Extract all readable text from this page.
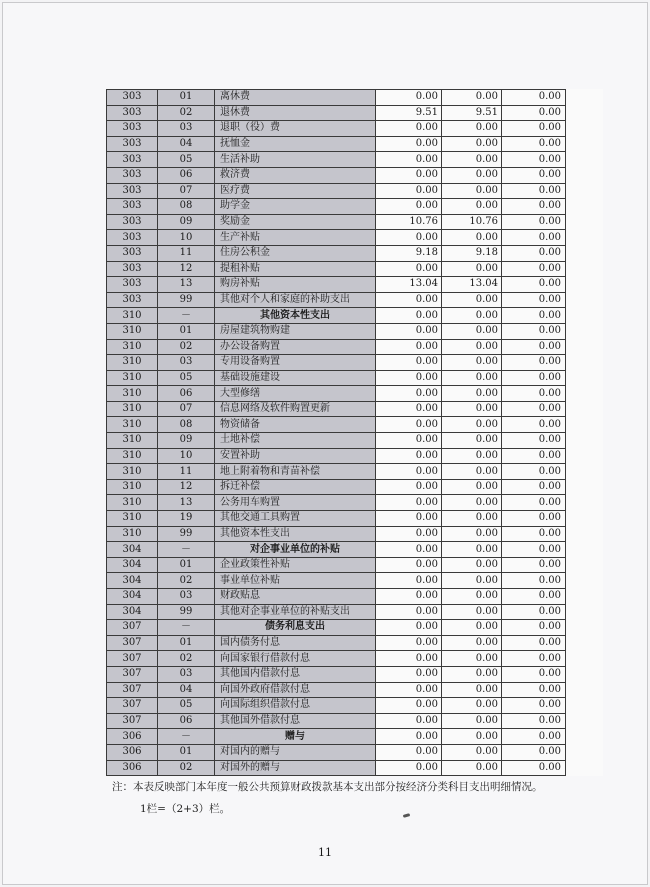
303	01	离休费	0.00	0.00	0.00	
303	02	退休费	9.51	9.51	0.00	
303	03	退职（役）费	0.00	0.00	0.00	
303	04	抚恤金	0.00	0.00	0.00	
303	05	生活补助	0.00	0.00	0.00	
303	06	救济费	0.00	0.00	0.00	
303	07	医疗费	0.00	0.00	0.00	
303	08	助学金	0.00	0.00	0.00	
303	09	奖励金	10.76	10.76	0.00	
303	10	生产补贴	0.00	0.00	0.00	
303	11	住房公积金	9.18	9.18	0.00	
303	12	提租补贴	0.00	0.00	0.00	
303	13	购房补贴	13.04	13.04	0.00	
303	99	其他对个人和家庭的补助支出	0.00	0.00	0.00	
310	－	其他资本性支出	0.00	0.00	0.00	
310	01	房屋建筑物购建	0.00	0.00	0.00	
310	02	办公设备购置	0.00	0.00	0.00	
310	03	专用设备购置	0.00	0.00	0.00	
310	05	基础设施建设	0.00	0.00	0.00	
310	06	大型修缮	0.00	0.00	0.00	
310	07	信息网络及软件购置更新	0.00	0.00	0.00	
310	08	物资储备	0.00	0.00	0.00	
310	09	土地补偿	0.00	0.00	0.00	
310	10	安置补助	0.00	0.00	0.00	
310	11	地上附着物和青苗补偿	0.00	0.00	0.00	
310	12	拆迁补偿	0.00	0.00	0.00	
310	13	公务用车购置	0.00	0.00	0.00	
310	19	其他交通工具购置	0.00	0.00	0.00	
310	99	其他资本性支出	0.00	0.00	0.00	
304	－	对企事业单位的补贴	0.00	0.00	0.00	
304	01	企业政策性补贴	0.00	0.00	0.00	
304	02	事业单位补贴	0.00	0.00	0.00	
304	03	财政贴息	0.00	0.00	0.00	
304	99	其他对企事业单位的补贴支出	0.00	0.00	0.00	
307	－	债务利息支出	0.00	0.00	0.00	
307	01	国内债务付息	0.00	0.00	0.00	
307	02	向国家银行借款付息	0.00	0.00	0.00	
307	03	其他国内借款付息	0.00	0.00	0.00	
307	04	向国外政府借款付息	0.00	0.00	0.00	
307	05	向国际组织借款付息	0.00	0.00	0.00	
307	06	其他国外借款付息	0.00	0.00	0.00	
306	－	赠与	0.00	0.00	0.00	
306	01	对国内的赠与	0.00	0.00	0.00	
306	02	对国外的赠与	0.00	0.00	0.00	
注：本表反映部门本年度一般公共预算财政拨款基本支出部分按经济分类科目支出明细情况。
1栏=（2+3）栏。
11
